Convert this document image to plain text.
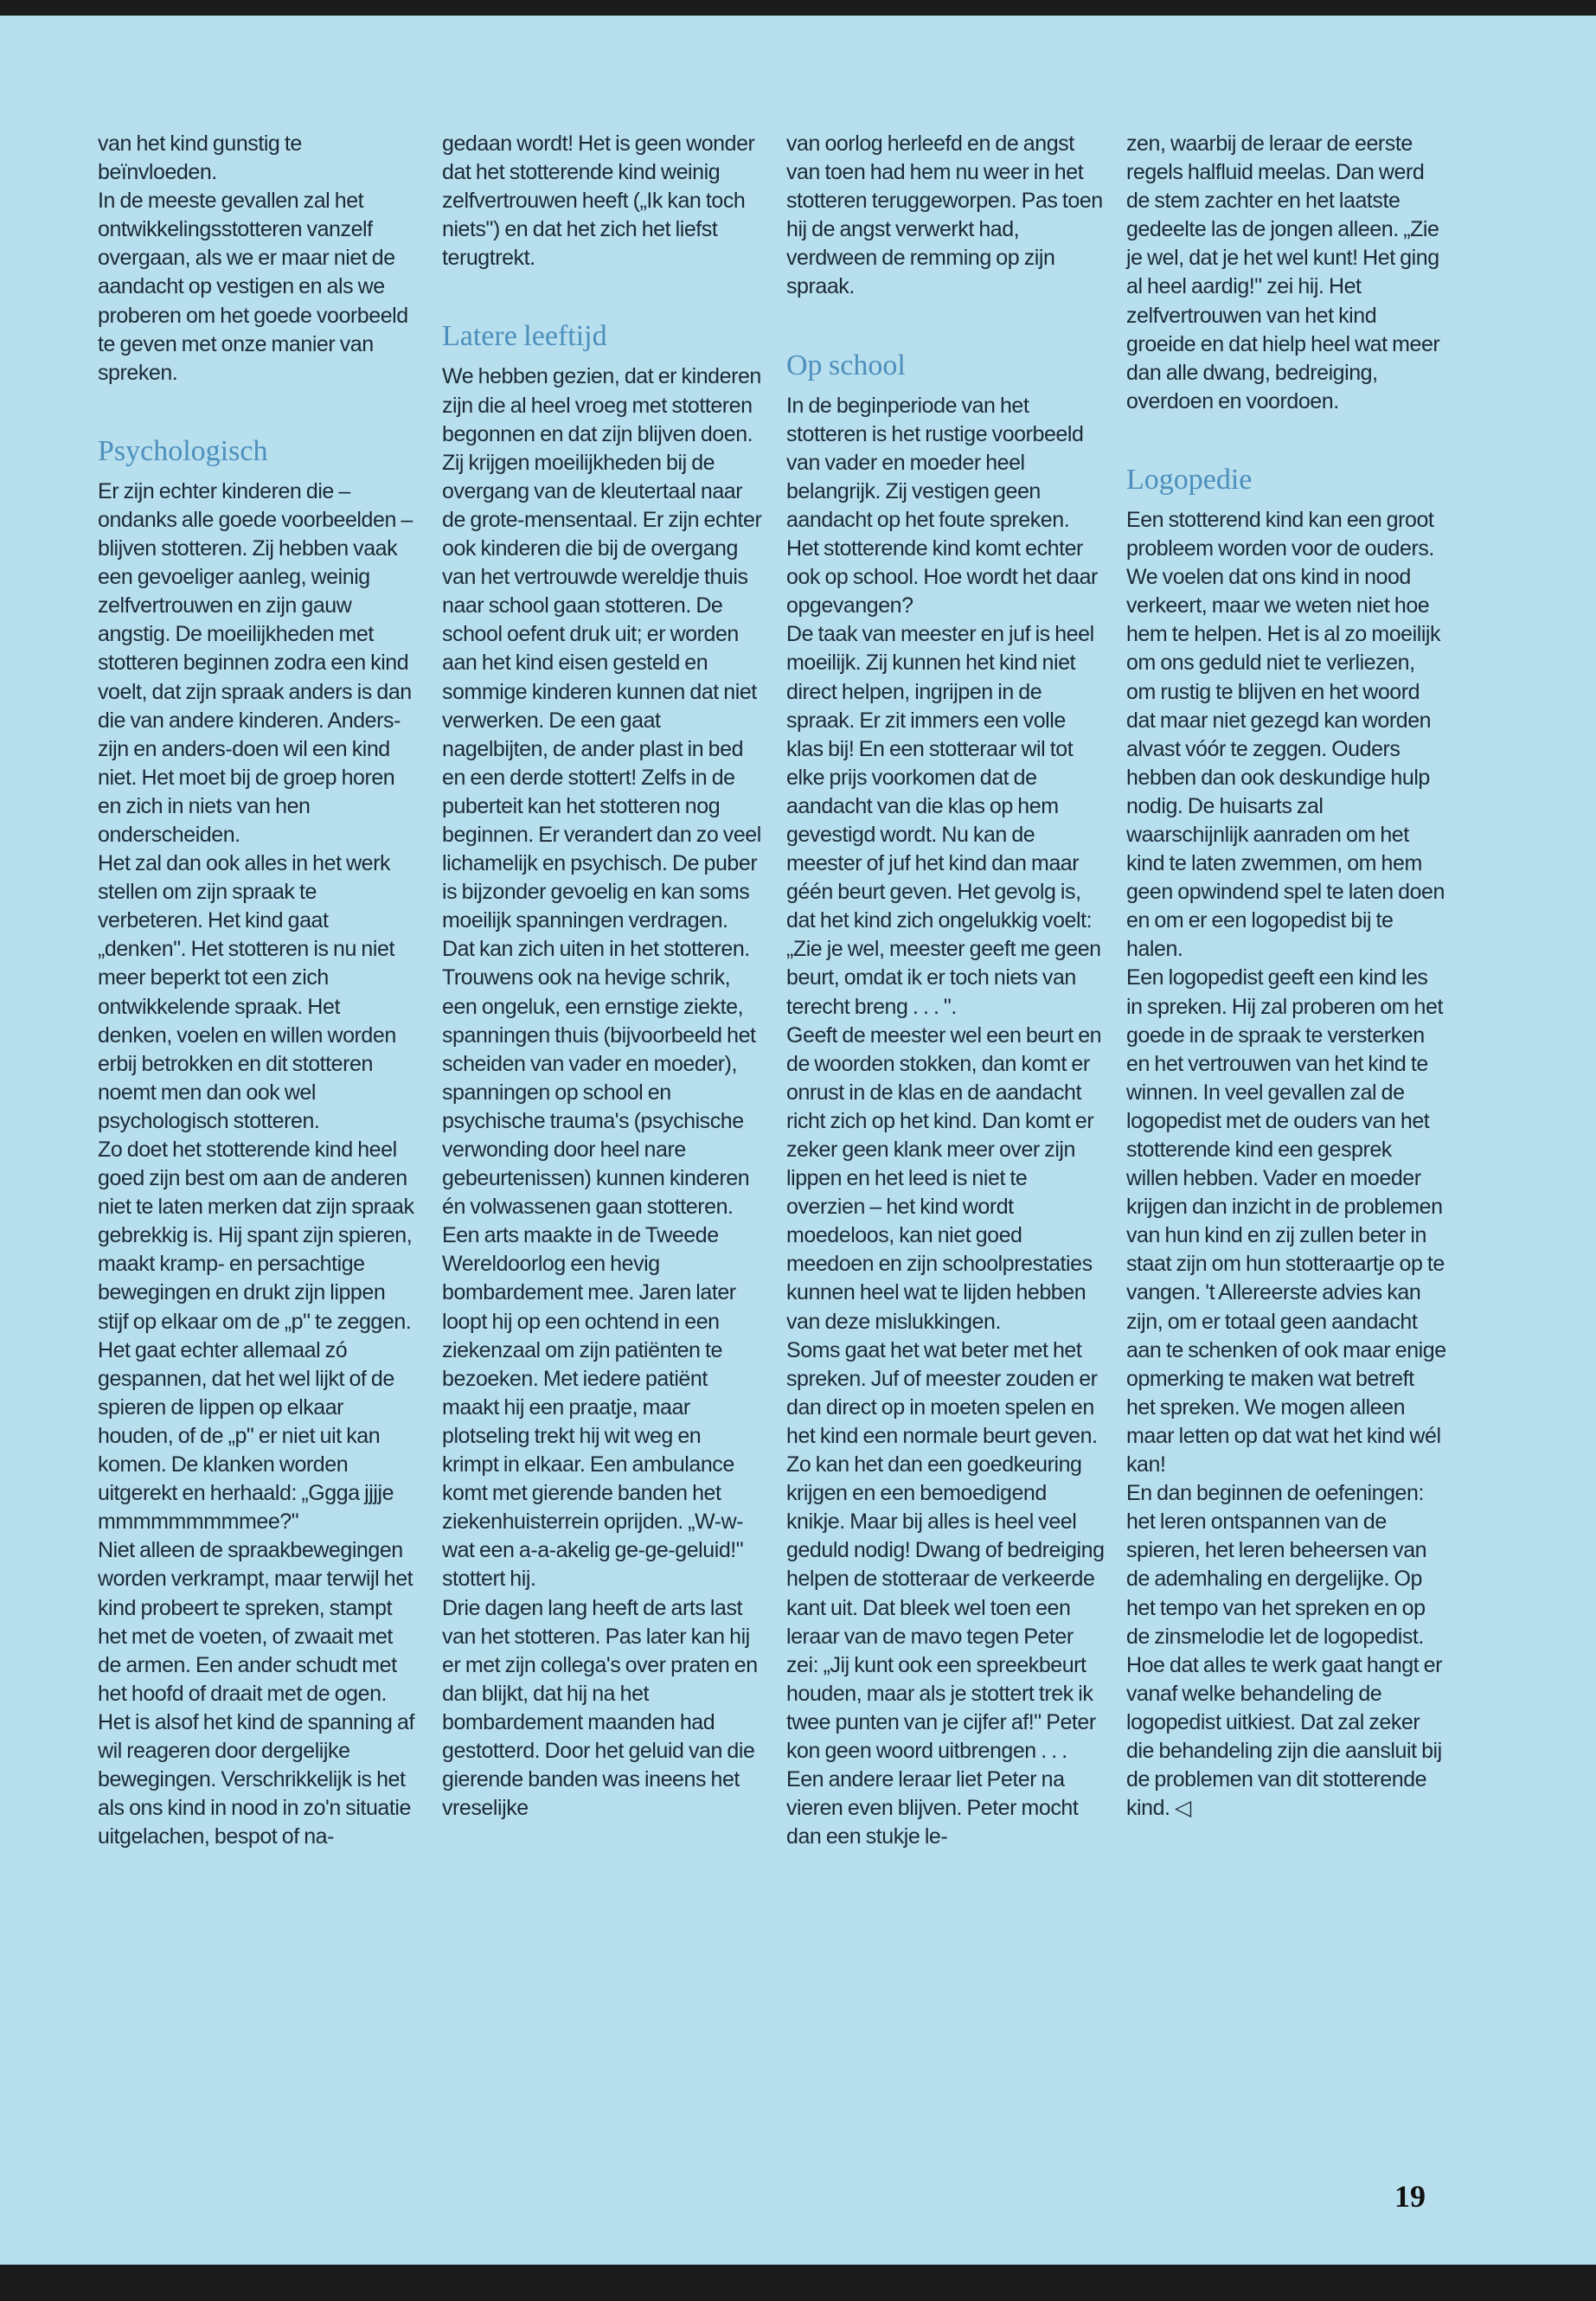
van het kind gunstig te beïnvloeden.

In de meeste gevallen zal het ontwikkelingsstotteren vanzelf overgaan, als we er maar niet de aandacht op vestigen en als we proberen om het goede voorbeeld te geven met onze manier van spreken.

Psychologisch

Er zijn echter kinderen die – ondanks alle goede voorbeelden – blijven stotteren. Zij hebben vaak een gevoeliger aanleg, weinig zelfvertrouwen en zijn gauw angstig. De moeilijkheden met stotteren beginnen zodra een kind voelt, dat zijn spraak anders is dan die van andere kinderen. Anders-zijn en anders-doen wil een kind niet. Het moet bij de groep horen en zich in niets van hen onderscheiden.

Het zal dan ook alles in het werk stellen om zijn spraak te verbeteren. Het kind gaat „denken". Het stotteren is nu niet meer beperkt tot een zich ontwikkelende spraak. Het denken, voelen en willen worden erbij betrokken en dit stotteren noemt men dan ook wel psychologisch stotteren.

Zo doet het stotterende kind heel goed zijn best om aan de anderen niet te laten merken dat zijn spraak gebrekkig is. Hij spant zijn spieren, maakt kramp- en persachtige bewegingen en drukt zijn lippen stijf op elkaar om de „p" te zeggen.

Het gaat echter allemaal zó gespannen, dat het wel lijkt of de spieren de lippen op elkaar houden, of de „p" er niet uit kan komen. De klanken worden uitgerekt en herhaald: „Ggga jjjje mmmmmmmmmee?"

Niet alleen de spraakbewegingen worden verkrampt, maar terwijl het kind probeert te spreken, stampt het met de voeten, of zwaait met de armen. Een ander schudt met het hoofd of draait met de ogen. Het is alsof het kind de spanning af wil reageren door dergelijke bewegingen. Verschrikkelijk is het als ons kind in nood in zo'n situatie uitgelachen, bespot of na-

gedaan wordt! Het is geen wonder dat het stotterende kind weinig zelfvertrouwen heeft („Ik kan toch niets") en dat het zich het liefst terugtrekt.

Latere leeftijd

We hebben gezien, dat er kinderen zijn die al heel vroeg met stotteren begonnen en dat zijn blijven doen. Zij krijgen moeilijkheden bij de overgang van de kleutertaal naar de grote-mensentaal. Er zijn echter ook kinderen die bij de overgang van het vertrouwde wereldje thuis naar school gaan stotteren. De school oefent druk uit; er worden aan het kind eisen gesteld en sommige kinderen kunnen dat niet verwerken. De een gaat nagelbijten, de ander plast in bed en een derde stottert! Zelfs in de puberteit kan het stotteren nog beginnen. Er verandert dan zo veel lichamelijk en psychisch. De puber is bijzonder gevoelig en kan soms moeilijk spanningen verdragen. Dat kan zich uiten in het stotteren.

Trouwens ook na hevige schrik, een ongeluk, een ernstige ziekte, spanningen thuis (bijvoorbeeld het scheiden van vader en moeder), spanningen op school en psychische trauma's (psychische verwonding door heel nare gebeurtenissen) kunnen kinderen én volwassenen gaan stotteren. Een arts maakte in de Tweede Wereldoorlog een hevig bombardement mee. Jaren later loopt hij op een ochtend in een ziekenzaal om zijn patiënten te bezoeken. Met iedere patiënt maakt hij een praatje, maar plotseling trekt hij wit weg en krimpt in elkaar. Een ambulance komt met gierende banden het ziekenhuisterrein oprijden. „W-w-wat een a-a-akelig ge-ge-geluid!" stottert hij.

Drie dagen lang heeft de arts last van het stotteren. Pas later kan hij er met zijn collega's over praten en dan blijkt, dat hij na het bombardement maanden had gestotterd. Door het geluid van die gierende banden was ineens het vreselijke

van oorlog herleefd en de angst van toen had hem nu weer in het stotteren teruggeworpen. Pas toen hij de angst verwerkt had, verdween de remming op zijn spraak.

Op school

In de beginperiode van het stotteren is het rustige voorbeeld van vader en moeder heel belangrijk. Zij vestigen geen aandacht op het foute spreken. Het stotterende kind komt echter ook op school. Hoe wordt het daar opgevangen?

De taak van meester en juf is heel moeilijk. Zij kunnen het kind niet direct helpen, ingrijpen in de spraak. Er zit immers een volle klas bij! En een stotteraar wil tot elke prijs voorkomen dat de aandacht van die klas op hem gevestigd wordt. Nu kan de meester of juf het kind dan maar géén beurt geven. Het gevolg is, dat het kind zich ongelukkig voelt: „Zie je wel, meester geeft me geen beurt, omdat ik er toch niets van terecht breng . . . ".

Geeft de meester wel een beurt en de woorden stokken, dan komt er onrust in de klas en de aandacht richt zich op het kind. Dan komt er zeker geen klank meer over zijn lippen en het leed is niet te overzien – het kind wordt moedeloos, kan niet goed meedoen en zijn schoolprestaties kunnen heel wat te lijden hebben van deze mislukkingen.

Soms gaat het wat beter met het spreken. Juf of meester zouden er dan direct op in moeten spelen en het kind een normale beurt geven. Zo kan het dan een goedkeuring krijgen en een bemoedigend knikje. Maar bij alles is heel veel geduld nodig! Dwang of bedreiging helpen de stotteraar de verkeerde kant uit. Dat bleek wel toen een leraar van de mavo tegen Peter zei: „Jij kunt ook een spreekbeurt houden, maar als je stottert trek ik twee punten van je cijfer af!" Peter kon geen woord uitbrengen . . .

Een andere leraar liet Peter na vieren even blijven. Peter mocht dan een stukje le-

zen, waarbij de leraar de eerste regels halfluid meelas. Dan werd de stem zachter en het laatste gedeelte las de jongen alleen. „Zie je wel, dat je het wel kunt! Het ging al heel aardig!" zei hij. Het zelfvertrouwen van het kind groeide en dat hielp heel wat meer dan alle dwang, bedreiging, overdoen en voordoen.

Logopedie

Een stotterend kind kan een groot probleem worden voor de ouders. We voelen dat ons kind in nood verkeert, maar we weten niet hoe hem te helpen. Het is al zo moeilijk om ons geduld niet te verliezen, om rustig te blijven en het woord dat maar niet gezegd kan worden alvast vóór te zeggen. Ouders hebben dan ook deskundige hulp nodig. De huisarts zal waarschijnlijk aanraden om het kind te laten zwemmen, om hem geen opwindend spel te laten doen en om er een logopedist bij te halen.

Een logopedist geeft een kind les in spreken. Hij zal proberen om het goede in de spraak te versterken en het vertrouwen van het kind te winnen. In veel gevallen zal de logopedist met de ouders van het stotterende kind een gesprek willen hebben. Vader en moeder krijgen dan inzicht in de problemen van hun kind en zij zullen beter in staat zijn om hun stotteraartje op te vangen. 't Allereerste advies kan zijn, om er totaal geen aandacht aan te schenken of ook maar enige opmerking te maken wat betreft het spreken. We mogen alleen maar letten op dat wat het kind wél kan!

En dan beginnen de oefeningen: het leren ontspannen van de spieren, het leren beheersen van de ademhaling en dergelijke. Op het tempo van het spreken en op de zinsmelodie let de logopedist. Hoe dat alles te werk gaat hangt er vanaf welke behandeling de logopedist uitkiest. Dat zal zeker die behandeling zijn die aansluit bij de problemen van dit stotterende kind. ◁

19
